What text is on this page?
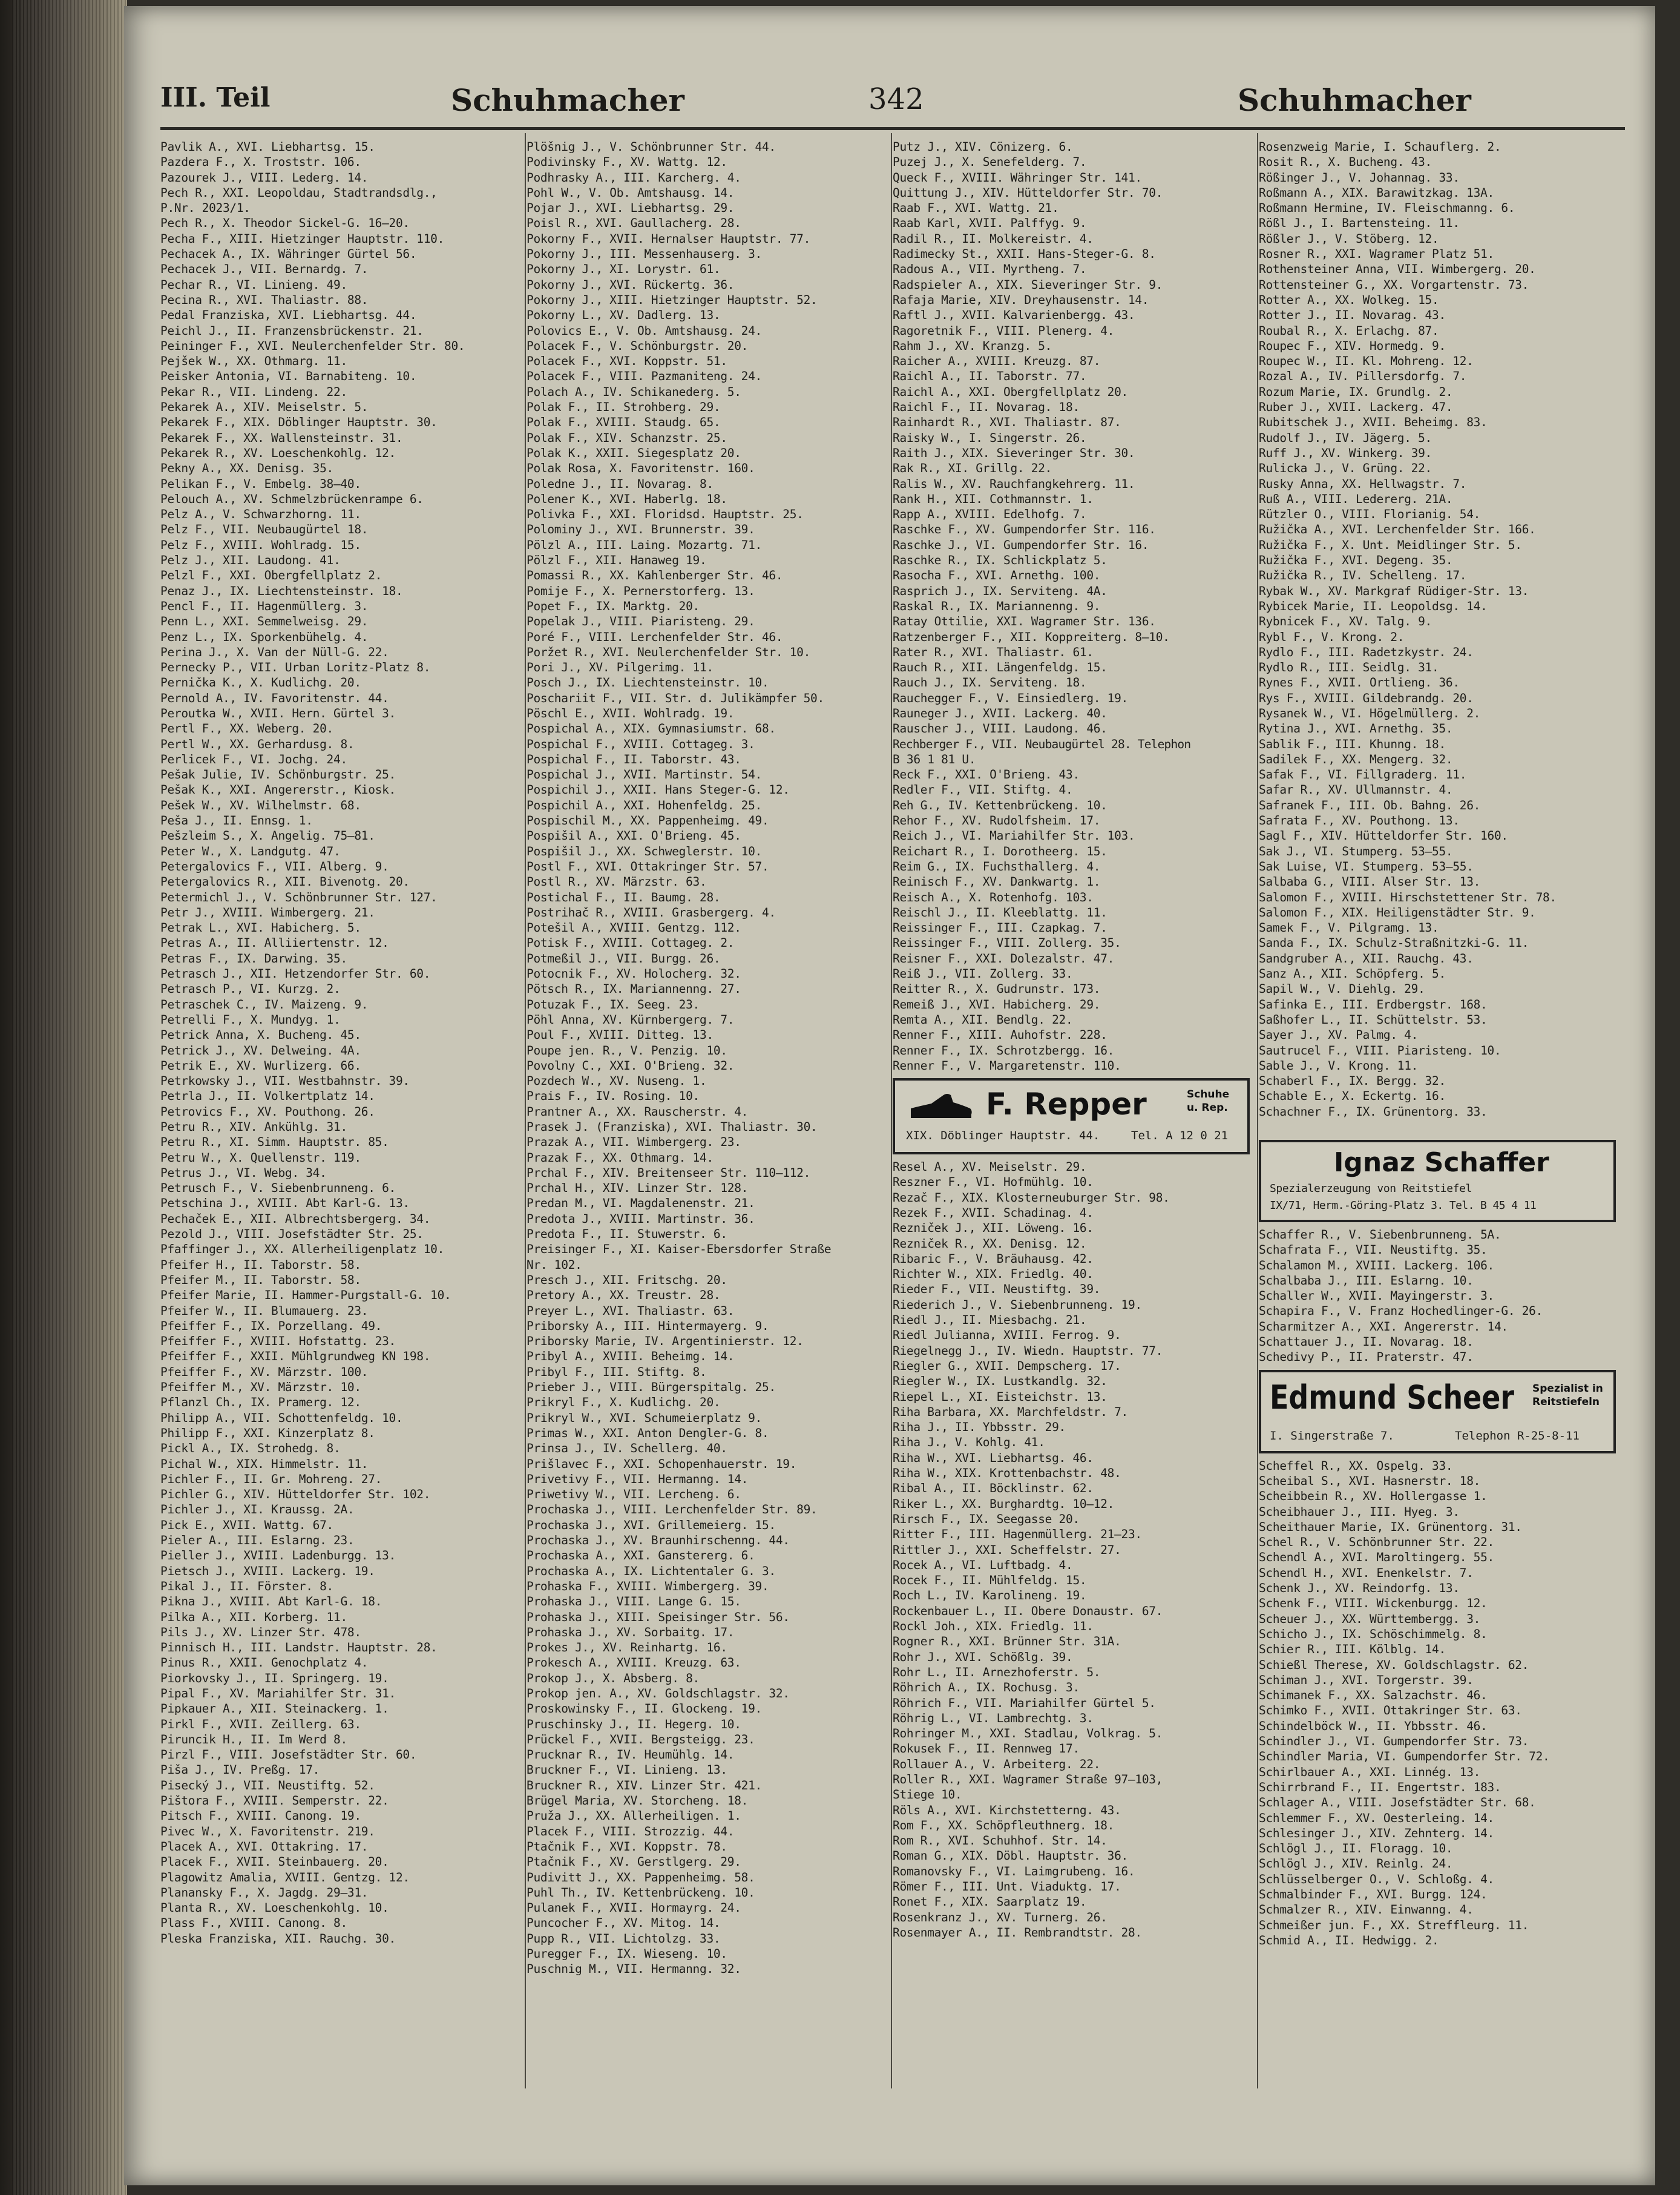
III. Teil	Schuhmacher	342	Schuhmacher
Pavlik A., XVI. Liebhartsg. 15.
Pazdera F., X. Troststr. 106.
Pazourek J., VIII. Lederg. 14.
Pech R., XXI. Leopoldau, Stadtrandsdlg.,
P.Nr. 2023/1.
Pech R., X. Theodor Sickel-G. 16—20.
Pecha F., XIII. Hietzinger Hauptstr. 110.
Pechacek A., IX. Währinger Gürtel 56.
Pechacek J., VII. Bernardg. 7.
Pechar R., VI. Linieng. 49.
Pecina R., XVI. Thaliastr. 88.
Pedal Franziska, XVI. Liebhartsg. 44.
Peichl J., II. Franzensbrückenstr. 21.
Peininger F., XVI. Neulerchenfelder Str. 80.
Pejšek W., XX. Othmarg. 11.
Peisker Antonia, VI. Barnabiteng. 10.
Pekar R., VII. Lindeng. 22.
Pekarek A., XIV. Meiselstr. 5.
Pekarek F., XIX. Döblinger Hauptstr. 30.
Pekarek F., XX. Wallensteinstr. 31.
Pekarek R., XV. Loeschenkohlg. 12.
Pekny A., XX. Denisg. 35.
Pelikan F., V. Embelg. 38—40.
Pelouch A., XV. Schmelzbrückenrampe 6.
Pelz A., V. Schwarzhorng. 11.
Pelz F., VII. Neubaugürtel 18.
Pelz F., XVIII. Wohlradg. 15.
Pelz J., XII. Laudong. 41.
Pelzl F., XXI. Obergfellplatz 2.
Penaz J., IX. Liechtensteinstr. 18.
Pencl F., II. Hagenmüllerg. 3.
Penn L., XXI. Semmelweisg. 29.
Penz L., IX. Sporkenbühelg. 4.
Perina J., X. Van der Nüll-G. 22.
Pernecky P., VII. Urban Loritz-Platz 8.
Pernička K., X. Kudlichg. 20.
Pernold A., IV. Favoritenstr. 44.
Peroutka W., XVII. Hern. Gürtel 3.
Pertl F., XX. Weberg. 20.
Pertl W., XX. Gerhardusg. 8.
Perlicek F., VI. Jochg. 24.
Pešak Julie, IV. Schönburgstr. 25.
Pešak K., XXI. Angererstr., Kiosk.
Pešek W., XV. Wilhelmstr. 68.
Peša J., II. Ennsg. 1.
Pešzleim S., X. Angelig. 75—81.
Peter W., X. Landgutg. 47.
Petergalovics F., VII. Alberg. 9.
Petergalovics R., XII. Bivenotg. 20.
Petermichl J., V. Schönbrunner Str. 127.
Petr J., XVIII. Wimbergerg. 21.
Petrak L., XVI. Habicherg. 5.
Petras A., II. Alliiertenstr. 12.
Petras F., IX. Darwing. 35.
Petrasch J., XII. Hetzendorfer Str. 60.
Petrasch P., VI. Kurzg. 2.
Petraschek C., IV. Maizeng. 9.
Petrelli F., X. Mundyg. 1.
Petrick Anna, X. Bucheng. 45.
Petrick J., XV. Delweing. 4A.
Petrik E., XV. Wurlizerg. 66.
Petrkowsky J., VII. Westbahnstr. 39.
Petrla J., II. Volkertplatz 14.
Petrovics F., XV. Pouthong. 26.
Petru R., XIV. Ankühlg. 31.
Petru R., XI. Simm. Hauptstr. 85.
Petru W., X. Quellenstr. 119.
Petrus J., VI. Webg. 34.
Petrusch F., V. Siebenbrunneng. 6.
Petschina J., XVIII. Abt Karl-G. 13.
Pechaček E., XII. Albrechtsbergerg. 34.
Pezold J., VIII. Josefstädter Str. 25.
Pfaffinger J., XX. Allerheiligenplatz 10.
Pfeifer H., II. Taborstr. 58.
Pfeifer M., II. Taborstr. 58.
Pfeifer Marie, II. Hammer-Purgstall-G. 10.
Pfeifer W., II. Blumauerg. 23.
Pfeiffer F., IX. Porzellang. 49.
Pfeiffer F., XVIII. Hofstattg. 23.
Pfeiffer F., XXII. Mühlgrundweg KN 198.
Pfeiffer F., XV. Märzstr. 100.
Pfeiffer M., XV. Märzstr. 10.
Pflanzl Ch., IX. Pramerg. 12.
Philipp A., VII. Schottenfeldg. 10.
Philipp F., XXI. Kinzerplatz 8.
Pickl A., IX. Strohedg. 8.
Pichal W., XIX. Himmelstr. 11.
Pichler F., II. Gr. Mohreng. 27.
Pichler G., XIV. Hütteldorfer Str. 102.
Pichler J., XI. Kraussg. 2A.
Pick E., XVII. Wattg. 67.
Pieler A., III. Eslarng. 23.
Pieller J., XVIII. Ladenburgg. 13.
Pietsch J., XVIII. Lackerg. 19.
Pikal J., II. Förster. 8.
Pikna J., XVIII. Abt Karl-G. 18.
Pilka A., XII. Korberg. 11.
Pils J., XV. Linzer Str. 478.
Pinnisch H., III. Landstr. Hauptstr. 28.
Pinus R., XXII. Genochplatz 4.
Piorkovsky J., II. Springerg. 19.
Pipal F., XV. Mariahilfer Str. 31.
Pipkauer A., XII. Steinackerg. 1.
Pirkl F., XVII. Zeillerg. 63.
Piruncik H., II. Im Werd 8.
Pirzl F., VIII. Josefstädter Str. 60.
Piša J., IV. Preßg. 17.
Pisecký J., VII. Neustiftg. 52.
Pištora F., XVIII. Semperstr. 22.
Pitsch F., XVIII. Canong. 19.
Pivec W., X. Favoritenstr. 219.
Placek A., XVI. Ottakring. 17.
Placek F., XVII. Steinbauerg. 20.
Plagowitz Amalia, XVIII. Gentzg. 12.
Planansky F., X. Jagdg. 29—31.
Planta R., XV. Loeschenkohlg. 10.
Plass F., XVIII. Canong. 8.
Pleska Franziska, XII. Rauchg. 30.
Plöšnig J., V. Schönbrunner Str. 44.
Podivinsky F., XV. Wattg. 12.
Podhrasky A., III. Karcherg. 4.
Pohl W., V. Ob. Amtshausg. 14.
Pojar J., XVI. Liebhartsg. 29.
Poisl R., XVI. Gaullacherg. 28.
Pokorny F., XVII. Hernalser Hauptstr. 77.
Pokorny J., III. Messenhauserg. 3.
Pokorny J., XI. Lorystr. 61.
Pokorny J., XVI. Rückertg. 36.
Pokorny J., XIII. Hietzinger Hauptstr. 52.
Pokorny L., XV. Dadlerg. 13.
Polovics E., V. Ob. Amtshausg. 24.
Polacek F., V. Schönburgstr. 20.
Polacek F., XVI. Koppstr. 51.
Polacek F., VIII. Pazmaniteng. 24.
Polach A., IV. Schikanederg. 5.
Polak F., II. Strohberg. 29.
Polak F., XVIII. Staudg. 65.
Polak F., XIV. Schanzstr. 25.
Polak K., XXII. Siegesplatz 20.
Polak Rosa, X. Favoritenstr. 160.
Poledne J., II. Novarag. 8.
Polener K., XVI. Haberlg. 18.
Polivka F., XXI. Floridsd. Hauptstr. 25.
Polominy J., XVI. Brunnerstr. 39.
Pölzl A., III. Laing. Mozartg. 71.
Pölzl F., XII. Hanaweg 19.
Pomassi R., XX. Kahlenberger Str. 46.
Pomije F., X. Pernerstorferg. 13.
Popet F., IX. Marktg. 20.
Popelak J., VIII. Piaristeng. 29.
Poré F., VIII. Lerchenfelder Str. 46.
Poržet R., XVI. Neulerchenfelder Str. 10.
Pori J., XV. Pilgerimg. 11.
Posch J., IX. Liechtensteinstr. 10.
Poschariit F., VII. Str. d. Julikämpfer 50.
Pöschl E., XVII. Wohlradg. 19.
Pospichal A., XIX. Gymnasiumstr. 68.
Pospichal F., XVIII. Cottageg. 3.
Pospichal F., II. Taborstr. 43.
Pospichal J., XVII. Martinstr. 54.
Pospichil J., XXII. Hans Steger-G. 12.
Pospichil A., XXI. Hohenfeldg. 25.
Pospischil M., XX. Pappenheimg. 49.
Pospišil A., XXI. O'Brieng. 45.
Pospišil J., XX. Schweglerstr. 10.
Postl F., XVI. Ottakringer Str. 57.
Postl R., XV. Märzstr. 63.
Postichal F., II. Baumg. 28.
Postrihač R., XVIII. Grasbergerg. 4.
Potešil A., XVIII. Gentzg. 112.
Potisk F., XVIII. Cottageg. 2.
Potmeßil J., VII. Burgg. 26.
Potocnik F., XV. Holocherg. 32.
Pötsch R., IX. Mariannenng. 27.
Potuzak F., IX. Seeg. 23.
Pöhl Anna, XV. Kürnbergerg. 7.
Poul F., XVIII. Ditteg. 13.
Poupe jen. R., V. Penzig. 10.
Povolny C., XXI. O'Brieng. 32.
Pozdech W., XV. Nuseng. 1.
Prais F., IV. Rosing. 10.
Prantner A., XX. Rauscherstr. 4.
Prasek J. (Franziska), XVI. Thaliastr. 30.
Prazak A., VII. Wimbergerg. 23.
Prazak F., XX. Othmarg. 14.
Prchal F., XIV. Breitenseer Str. 110—112.
Prchal H., XIV. Linzer Str. 128.
Predan M., VI. Magdalenenstr. 21.
Predota J., XVIII. Martinstr. 36.
Predota F., II. Stuwerstr. 6.
Preisinger F., XI. Kaiser-Ebersdorfer Straße
Nr. 102.
Presch J., XII. Fritschg. 20.
Pretory A., XX. Treustr. 28.
Preyer L., XVI. Thaliastr. 63.
Priborsky A., III. Hintermayerg. 9.
Priborsky Marie, IV. Argentinierstr. 12.
Pribyl A., XVIII. Beheimg. 14.
Pribyl F., III. Stiftg. 8.
Prieber J., VIII. Bürgerspitalg. 25.
Prikryl F., X. Kudlichg. 20.
Prikryl W., XVI. Schumeierplatz 9.
Primas W., XXI. Anton Dengler-G. 8.
Prinsa J., IV. Schellerg. 40.
Prišlavec F., XXI. Schopenhauerstr. 19.
Privetivy F., VII. Hermanng. 14.
Priwetivy W., VII. Lercheng. 6.
Prochaska J., VIII. Lerchenfelder Str. 89.
Prochaska J., XVI. Grillemeierg. 15.
Prochaska J., XV. Braunhirschenng. 44.
Prochaska A., XXI. Ganstererg. 6.
Prochaska A., IX. Lichtentaler G. 3.
Prohaska F., XVIII. Wimbergerg. 39.
Prohaska J., VIII. Lange G. 15.
Prohaska J., XIII. Speisinger Str. 56.
Prohaska J., XV. Sorbaitg. 17.
Prokes J., XV. Reinhartg. 16.
Prokesch A., XVIII. Kreuzg. 63.
Prokop J., X. Absberg. 8.
Prokop jen. A., XV. Goldschlagstr. 32.
Proskowinsky F., II. Glockeng. 19.
Pruschinsky J., II. Hegerg. 10.
Prückel F., XVII. Bergsteigg. 23.
Prucknar R., IV. Heumühlg. 14.
Bruckner F., VI. Linieng. 13.
Bruckner R., XIV. Linzer Str. 421.
Brügel Maria, XV. Storcheng. 18.
Pruža J., XX. Allerheiligen. 1.
Placek F., VIII. Strozzig. 44.
Ptačnik F., XVI. Koppstr. 78.
Ptačnik F., XV. Gerstlgerg. 29.
Pudivitt J., XX. Pappenheimg. 58.
Puhl Th., IV. Kettenbrückeng. 10.
Pulanek F., XVII. Hormayrg. 24.
Puncocher F., XV. Mitog. 14.
Pupp R., VII. Lichtolzg. 33.
Puregger F., IX. Wieseng. 10.
Puschnig M., VII. Hermanng. 32.
Putz J., XIV. Cönizerg. 6.
Puzej J., X. Senefelderg. 7.
Queck F., XVIII. Währinger Str. 141.
Quittung J., XIV. Hütteldorfer Str. 70.
Raab F., XVI. Wattg. 21.
Raab Karl, XVII. Palffyg. 9.
Radil R., II. Molkereistr. 4.
Radimecky St., XXII. Hans-Steger-G. 8.
Radous A., VII. Myrtheng. 7.
Radspieler A., XIX. Sieveringer Str. 9.
Rafaja Marie, XIV. Dreyhausenstr. 14.
Raftl J., XVII. Kalvarienbergg. 43.
Ragoretnik F., VIII. Plenerg. 4.
Rahm J., XV. Kranzg. 5.
Raicher A., XVIII. Kreuzg. 87.
Raichl A., II. Taborstr. 77.
Raichl A., XXI. Obergfellplatz 20.
Raichl F., II. Novarag. 18.
Rainhardt R., XVI. Thaliastr. 87.
Raisky W., I. Singerstr. 26.
Raith J., XIX. Sieveringer Str. 30.
Rak R., XI. Grillg. 22.
Ralis W., XV. Rauchfangkehrerg. 11.
Rank H., XII. Cothmannstr. 1.
Rapp A., XVIII. Edelhofg. 7.
Raschke F., XV. Gumpendorfer Str. 116.
Raschke J., VI. Gumpendorfer Str. 16.
Raschke R., IX. Schlickplatz 5.
Rasocha F., XVI. Arnethg. 100.
Rasprich J., IX. Serviteng. 4A.
Raskal R., IX. Mariannenng. 9.
Ratay Ottilie, XXI. Wagramer Str. 136.
Ratzenberger F., XII. Koppreiterg. 8—10.
Rater R., XVI. Thaliastr. 61.
Rauch R., XII. Längenfeldg. 15.
Rauch J., IX. Serviteng. 18.
Rauchegger F., V. Einsiedlerg. 19.
Rauneger J., XVII. Lackerg. 40.
Rauscher J., VIII. Laudong. 46.
Rechberger F., VII. Neubaugürtel 28. Telephon
B 36 1 81 U.
Reck F., XXI. O'Brieng. 43.
Redler F., VII. Stiftg. 4.
Reh G., IV. Kettenbrückeng. 10.
Rehor F., XV. Rudolfsheim. 17.
Reich J., VI. Mariahilfer Str. 103.
Reichart R., I. Dorotheerg. 15.
Reim G., IX. Fuchsthallerg. 4.
Reinisch F., XV. Dankwartg. 1.
Reisch A., X. Rotenhofg. 103.
Reischl J., II. Kleeblattg. 11.
Reissinger F., III. Czapkag. 7.
Reissinger F., VIII. Zollerg. 35.
Reisner F., XXI. Dolezalstr. 47.
Reiß J., VII. Zollerg. 33.
Reitter R., X. Gudrunstr. 173.
Remeiß J., XVI. Habicherg. 29.
Remta A., XII. Bendlg. 22.
Renner F., XIII. Auhofstr. 228.
Renner F., IX. Schrotzbergg. 16.
Renner F., V. Margaretenstr. 110.
F. Repper	Schuhe
u. Rep.
XIX. Döblinger Hauptstr. 44.	Tel. A 12 0 21
Resel A., XV. Meiselstr. 29.
Reszner F., VI. Hofmühlg. 10.
Rezač F., XIX. Klosterneuburger Str. 98.
Rezek F., XVII. Schadinag. 4.
Rezniček J., XII. Löweng. 16.
Rezniček R., XX. Denisg. 12.
Ribaric F., V. Bräuhausg. 42.
Richter W., XIX. Friedlg. 40.
Rieder F., VII. Neustiftg. 39.
Riederich J., V. Siebenbrunneng. 19.
Riedl J., II. Miesbachg. 21.
Riedl Julianna, XVIII. Ferrog. 9.
Riegelnegg J., IV. Wiedn. Hauptstr. 77.
Riegler G., XVII. Dempscherg. 17.
Riegler W., IX. Lustkandlg. 32.
Riepel L., XI. Eisteichstr. 13.
Riha Barbara, XX. Marchfeldstr. 7.
Riha J., II. Ybbsstr. 29.
Riha J., V. Kohlg. 41.
Riha W., XVI. Liebhartsg. 46.
Riha W., XIX. Krottenbachstr. 48.
Ribal A., II. Böcklinstr. 62.
Riker L., XX. Burghardtg. 10—12.
Rirsch F., IX. Seegasse 20.
Ritter F., III. Hagenmüllerg. 21—23.
Rittler J., XXI. Scheffelstr. 27.
Rocek A., VI. Luftbadg. 4.
Rocek F., II. Mühlfeldg. 15.
Roch L., IV. Karolineng. 19.
Rockenbauer L., II. Obere Donaustr. 67.
Rockl Joh., XIX. Friedlg. 11.
Rogner R., XXI. Brünner Str. 31A.
Rohr J., XVI. Schößlg. 39.
Rohr L., II. Arnezhoferstr. 5.
Röhrich A., IX. Rochusg. 3.
Röhrich F., VII. Mariahilfer Gürtel 5.
Röhrig L., VI. Lambrechtg. 3.
Rohringer M., XXI. Stadlau, Volkrag. 5.
Rokusek F., II. Rennweg 17.
Rollauer A., V. Arbeiterg. 22.
Roller R., XXI. Wagramer Straße 97—103,
Stiege 10.
Röls A., XVI. Kirchstetterng. 43.
Rom F., XX. Schöpfleuthnerg. 18.
Rom R., XVI. Schuhhof. Str. 14.
Roman G., XIX. Döbl. Hauptstr. 36.
Romanovsky F., VI. Laimgrubeng. 16.
Römer F., III. Unt. Viaduktg. 17.
Ronet F., XIX. Saarplatz 19.
Rosenkranz J., XV. Turnerg. 26.
Rosenmayer A., II. Rembrandtstr. 28.
Rosenzweig Marie, I. Schauflerg. 2.
Rosit R., X. Bucheng. 43.
Rößinger J., V. Johannag. 33.
Roßmann A., XIX. Barawitzkag. 13A.
Roßmann Hermine, IV. Fleischmanng. 6.
Rößl J., I. Bartensteing. 11.
Rößler J., V. Stöberg. 12.
Rosner R., XXI. Wagramer Platz 51.
Rothensteiner Anna, VII. Wimbergerg. 20.
Rottensteiner G., XX. Vorgartenstr. 73.
Rotter A., XX. Wolkeg. 15.
Rotter J., II. Novarag. 43.
Roubal R., X. Erlachg. 87.
Roupec F., XIV. Hormedg. 9.
Roupec W., II. Kl. Mohreng. 12.
Rozal A., IV. Pillersdorfg. 7.
Rozum Marie, IX. Grundlg. 2.
Ruber J., XVII. Lackerg. 47.
Rubitschek J., XVII. Beheimg. 83.
Rudolf J., IV. Jägerg. 5.
Ruff J., XV. Winkerg. 39.
Rulicka J., V. Grüng. 22.
Rusky Anna, XX. Hellwagstr. 7.
Ruß A., VIII. Ledererg. 21A.
Rützler O., VIII. Florianig. 54.
Ružička A., XVI. Lerchenfelder Str. 166.
Ružička F., X. Unt. Meidlinger Str. 5.
Ružička F., XVI. Degeng. 35.
Ružička R., IV. Schelleng. 17.
Rybak W., XV. Markgraf Rüdiger-Str. 13.
Rybicek Marie, II. Leopoldsg. 14.
Rybnicek F., XV. Talg. 9.
Rybl F., V. Krong. 2.
Rydlo F., III. Radetzkystr. 24.
Rydlo R., III. Seidlg. 31.
Rynes F., XVII. Ortlieng. 36.
Rys F., XVIII. Gildebrandg. 20.
Rysanek W., VI. Högelmüllerg. 2.
Rytina J., XVI. Arnethg. 35.
Sablik F., III. Khunng. 18.
Sadilek F., XX. Mengerg. 32.
Safak F., VI. Fillgraderg. 11.
Safar R., XV. Ullmannstr. 4.
Safranek F., III. Ob. Bahng. 26.
Safrata F., XV. Pouthong. 13.
Sagl F., XIV. Hütteldorfer Str. 160.
Sak J., VI. Stumperg. 53—55.
Sak Luise, VI. Stumperg. 53—55.
Salbaba G., VIII. Alser Str. 13.
Salomon F., XVIII. Hirschstettener Str. 78.
Salomon F., XIX. Heiligenstädter Str. 9.
Samek F., V. Pilgramg. 13.
Sanda F., IX. Schulz-Straßnitzki-G. 11.
Sandgruber A., XII. Rauchg. 43.
Sanz A., XII. Schöpferg. 5.
Sapil W., V. Diehlg. 29.
Safinka E., III. Erdbergstr. 168.
Saßhofer L., II. Schüttelstr. 53.
Sayer J., XV. Palmg. 4.
Sautrucel F., VIII. Piaristeng. 10.
Sable J., V. Krong. 11.
Schaberl F., IX. Bergg. 32.
Schable E., X. Eckertg. 16.
Schachner F., IX. Grünentorg. 33.
Ignaz Schaffer
Spezialerzeugung von Reitstiefel
IX/71, Herm.-Göring-Platz 3. Tel. B 45 4 11
Schaffer R., V. Siebenbrunneng. 5A.
Schafrata F., VII. Neustiftg. 35.
Schalamon M., XVIII. Lackerg. 106.
Schalbaba J., III. Eslarng. 10.
Schaller W., XVII. Mayingerstr. 3.
Schapira F., V. Franz Hochedlinger-G. 26.
Scharmitzer A., XXI. Angererstr. 14.
Schattauer J., II. Novarag. 18.
Schedivy P., II. Praterstr. 47.
Edmund Scheer Spezialist in
Reitstiefeln
I. Singerstraße 7.	Telephon R-25-8-11
Scheffel R., XX. Ospelg. 33.
Scheibal S., XVI. Hasnerstr. 18.
Scheibbein R., XV. Hollergasse 1.
Scheibhauer J., III. Hyeg. 3.
Scheithauer Marie, IX. Grünentorg. 31.
Schel R., V. Schönbrunner Str. 22.
Schendl A., XVI. Maroltingerg. 55.
Schendl H., XVI. Enenkelstr. 7.
Schenk J., XV. Reindorfg. 13.
Schenk F., VIII. Wickenburgg. 12.
Scheuer J., XX. Württembergg. 3.
Schicho J., IX. Schöschimmelg. 8.
Schier R., III. Kölblg. 14.
Schießl Therese, XV. Goldschlagstr. 62.
Schiman J., XVI. Torgerstr. 39.
Schimanek F., XX. Salzachstr. 46.
Schimko F., XVII. Ottakringer Str. 63.
Schindelböck W., II. Ybbsstr. 46.
Schindler J., VI. Gumpendorfer Str. 73.
Schindler Maria, VI. Gumpendorfer Str. 72.
Schirlbauer A., XXI. Linnég. 13.
Schirrbrand F., II. Engertstr. 183.
Schlager A., VIII. Josefstädter Str. 68.
Schlemmer F., XV. Oesterleing. 14.
Schlesinger J., XIV. Zehnterg. 14.
Schlögl J., II. Floragg. 10.
Schlögl J., XIV. Reinlg. 24.
Schlüsselberger O., V. Schloßg. 4.
Schmalbinder F., XVI. Burgg. 124.
Schmalzer R., XIV. Einwanng. 4.
Schmeißer jun. F., XX. Streffleurg. 11.
Schmid A., II. Hedwigg. 2.
